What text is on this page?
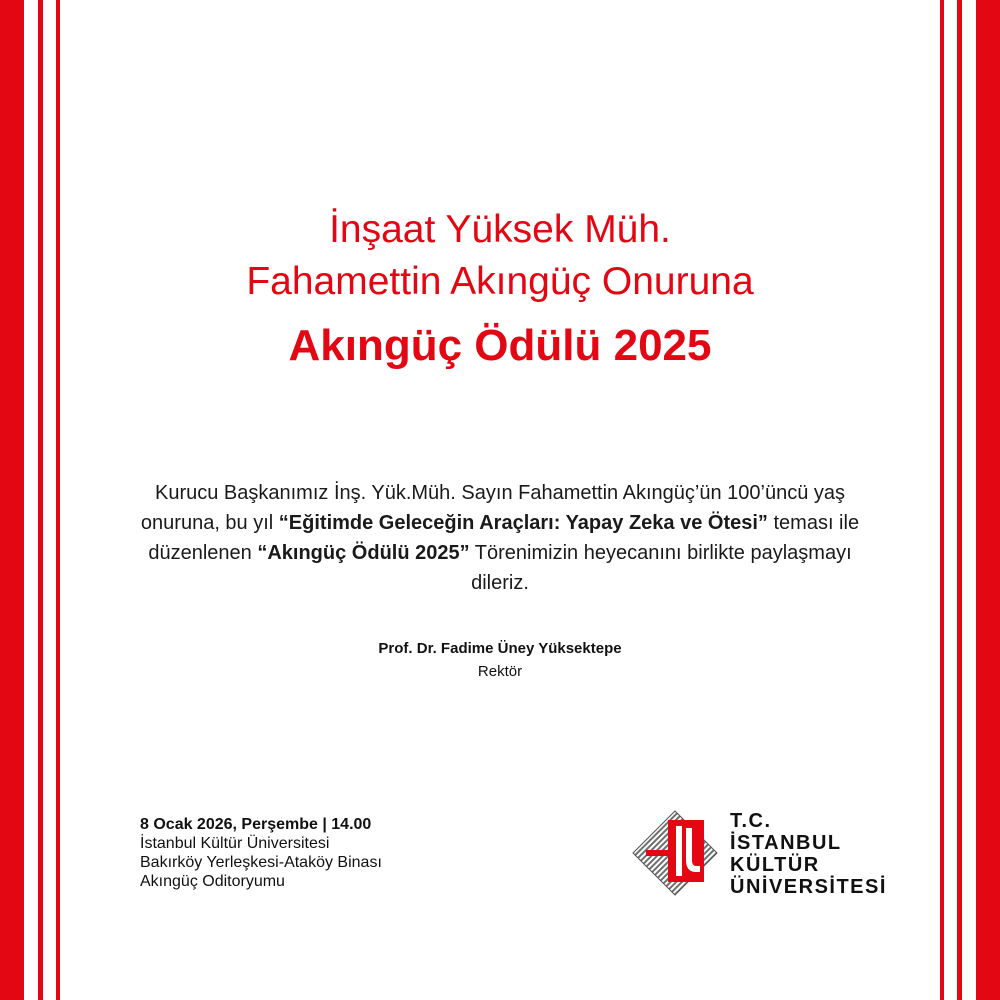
İnşaat Yüksek Müh.
Fahamettin Akıngüç Onuruna
Akıngüç Ödülü 2025
Kurucu Başkanımız İnş. Yük.Müh. Sayın Fahamettin Akıngüç’ün 100’üncü yaş onuruna, bu yıl “Eğitimde Geleceğin Araçları: Yapay Zeka ve Ötesi” teması ile düzenlenen “Akıngüç Ödülü 2025” Törenimizin heyecanını birlikte paylaşmayı dileriz.
Prof. Dr. Fadime Üney Yüksektepe
Rektör
8 Ocak 2026, Perşembe | 14.00
İstanbul Kültür Üniversitesi
Bakırköy Yerleşkesi-Ataköy Binası
Akıngüç Oditoryumu
T.C.
İSTANBUL
KÜLTÜR
ÜNİVERSİTESİ
